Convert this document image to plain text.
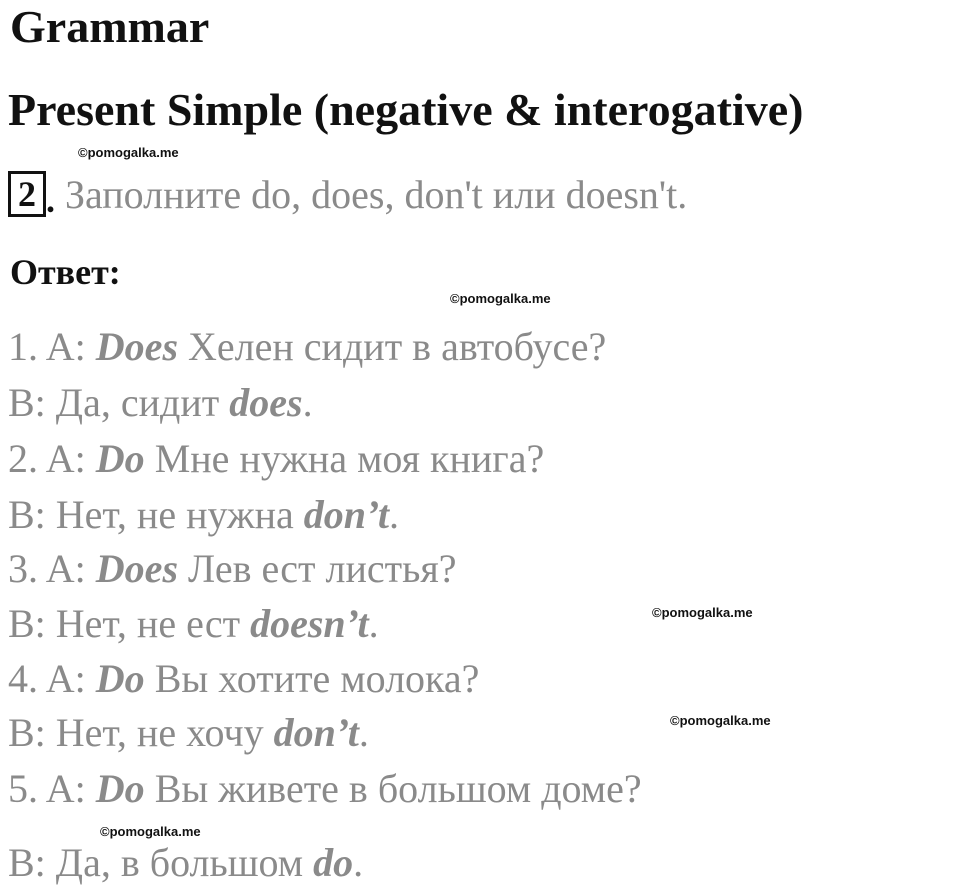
Grammar
Present Simple (negative & interogative)
©pomogalka.me
2 . Заполните do, does, don't или doesn't.
Ответ:
©pomogalka.me
1. A: Does Хелен сидит в автобусе?
B: Да, сидит does.
2. A: Do Мне нужна моя книга?
B: Нет, не нужна don’t.
3. A: Does Лев ест листья?
©pomogalka.me
B: Нет, не ест doesn’t.
4. A: Do Вы хотите молока?
©pomogalka.me
B: Нет, не хочу don’t.
5. A: Do Вы живете в большом доме?
©pomogalka.me
B: Да, в большом do.
